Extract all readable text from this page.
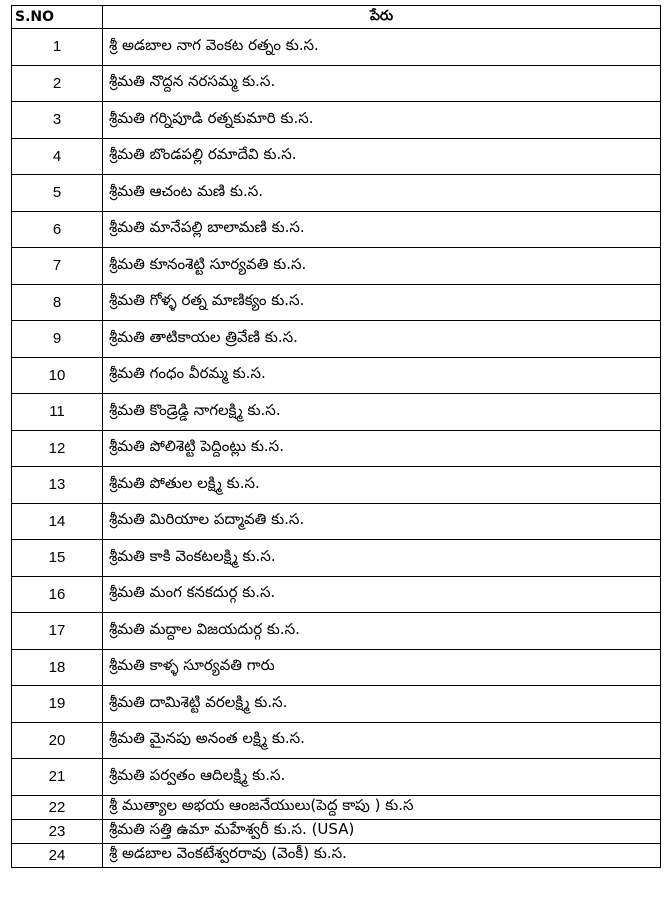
S.NO	పేరు
1	శ్రీ అడబాల నాగ వెంకట రత్నం కు.స.
2	శ్రీమతి నొద్దన నరసమ్మ కు.స.
3	శ్రీమతి గర్నిపూడి రత్నకుమారి కు.స.
4	శ్రీమతి బొండపల్లి రమాదేవి కు.స.
5	శ్రీమతి ఆచంట మణి కు.స.
6	శ్రీమతి మానేపల్లి బాలామణి కు.స.
7	శ్రీమతి కూనంశెట్టి సూర్యవతి కు.స.
8	శ్రీమతి గోళ్ళ రత్న మాణిక్యం కు.స.
9	శ్రీమతి తాటికాయల త్రివేణి కు.స.
10	శ్రీమతి గంధం వీరమ్మ కు.స.
11	శ్రీమతి కొండ్రెడ్డి నాగలక్ష్మి కు.స.
12	శ్రీమతి పోలిశెట్టి పెద్దింట్లు కు.స.
13	శ్రీమతి పోతుల లక్ష్మి కు.స.
14	శ్రీమతి మిరియాల పద్మావతి కు.స.
15	శ్రీమతి కాకి వెంకటలక్ష్మి కు.స.
16	శ్రీమతి మంగ కనకదుర్గ కు.స.
17	శ్రీమతి మద్దాల విజయదుర్గ కు.స.
18	శ్రీమతి కాళ్ళ సూర్యవతి గారు
19	శ్రీమతి దామిశెట్టి వరలక్ష్మి కు.స.
20	శ్రీమతి మైనపు అనంత లక్ష్మి కు.స.
21	శ్రీమతి పర్వతం ఆదిలక్ష్మి కు.స.
22	శ్రీ ముత్యాల అభయ ఆంజనేయులు(పెద్ద కాపు ) కు.స
23	శ్రీమతి సత్తి ఉమా మహేశ్వరీ కు.స. (USA)
24	శ్రీ అడబాల వెంకటేశ్వరరావు (వెంకీ) కు.స.
